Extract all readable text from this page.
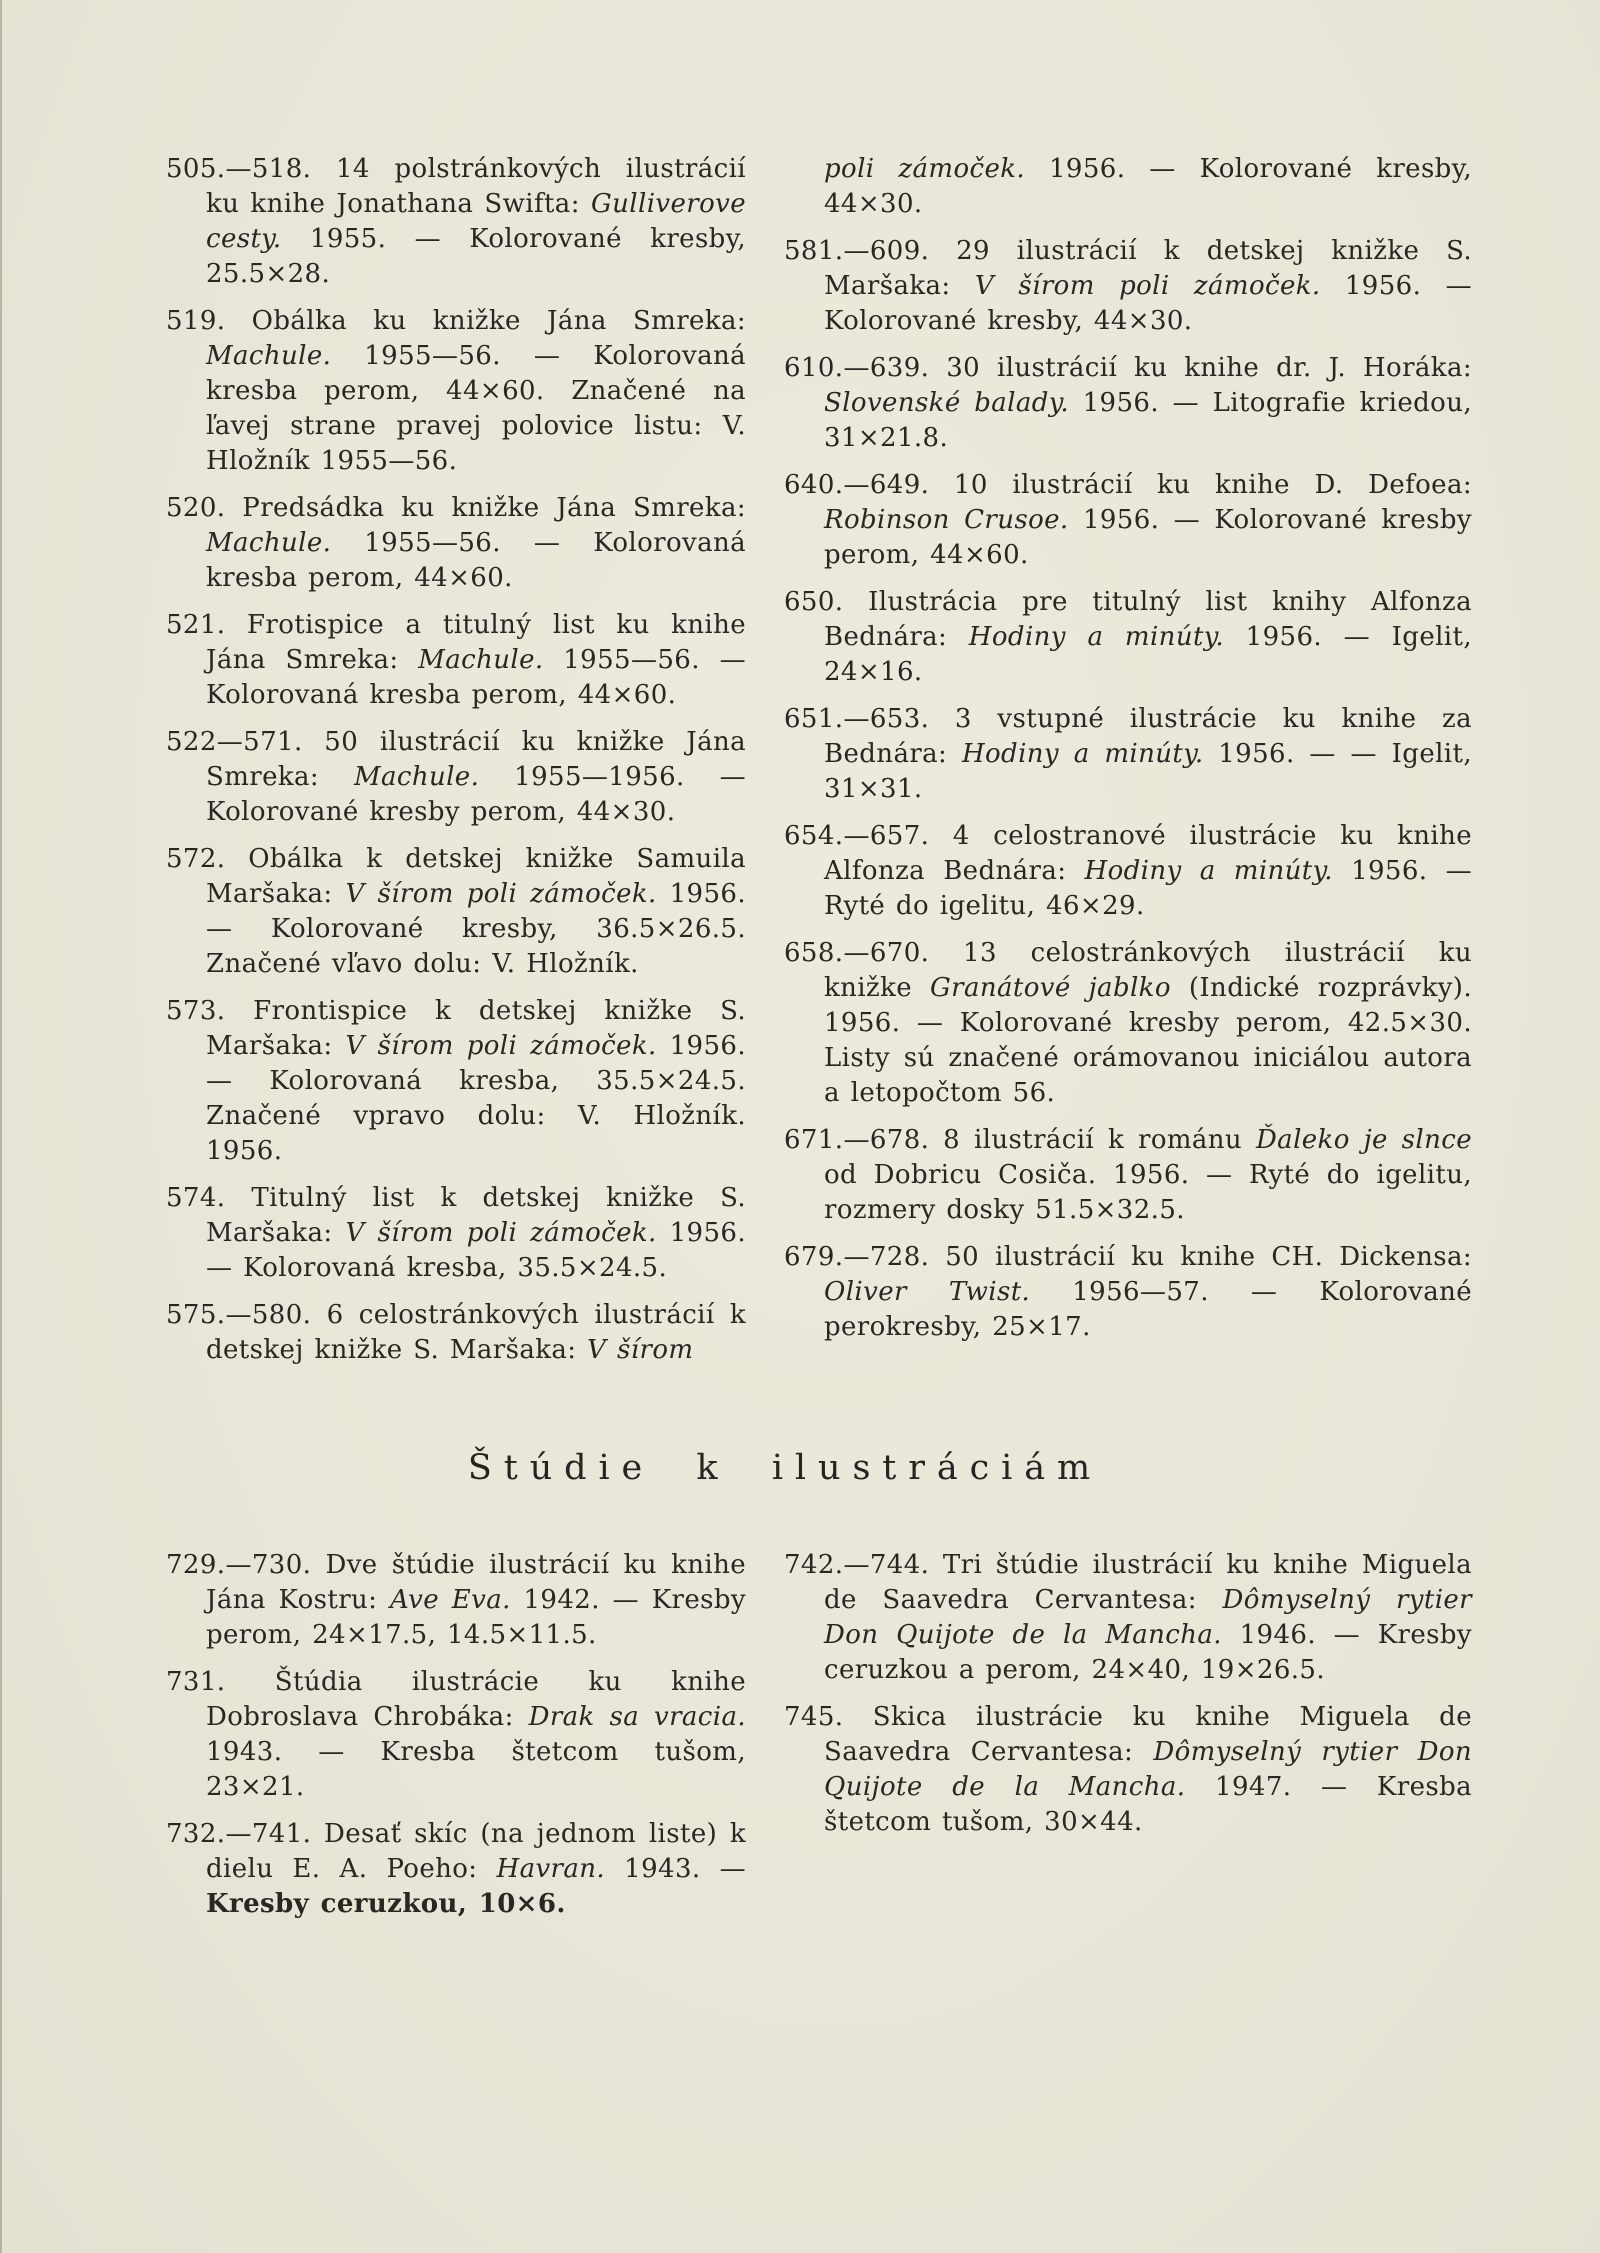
505.—518. 14 polstránkových ilustrácií ku knihe Jonathana Swifta: Gulliverove cesty. 1955. — Kolorované kresby, 25.5×28.

519. Obálka ku knižke Jána Smreka: Machule. 1955—56. — Kolorovaná kresba perom, 44×60. Značené na ľavej strane pravej polovice listu: V. Hložník 1955—56.

520. Predsádka ku knižke Jána Smreka: Machule. 1955—56. — Kolorovaná kresba perom, 44×60.

521. Frotispice a titulný list ku knihe Jána Smreka: Machule. 1955—56. — Kolorovaná kresba perom, 44×60.

522—571. 50 ilustrácií ku knižke Jána Smreka: Machule. 1955—1956. — Kolorované kresby perom, 44×30.

572. Obálka k detskej knižke Samuila Maršaka: V šírom poli zámoček. 1956. — Kolorované kresby, 36.5×26.5. Značené vľavo dolu: V. Hložník.

573. Frontispice k detskej knižke S. Maršaka: V šírom poli zámoček. 1956. — Kolorovaná kresba, 35.5×24.5. Značené vpravo dolu: V. Hložník. 1956.

574. Titulný list k detskej knižke S. Maršaka: V šírom poli zámoček. 1956. — Kolorovaná kresba, 35.5×24.5.

575.—580. 6 celostránkových ilustrácií k detskej knižke S. Maršaka: V šírom

poli zámoček. 1956. — Kolorované kresby, 44×30.

581.—609. 29 ilustrácií k detskej knižke S. Maršaka: V šírom poli zámoček. 1956. — Kolorované kresby, 44×30.

610.—639. 30 ilustrácií ku knihe dr. J. Horáka: Slovenské balady. 1956. — Litografie kriedou, 31×21.8.

640.—649. 10 ilustrácií ku knihe D. Defoea: Robinson Crusoe. 1956. — Kolorované kresby perom, 44×60.

650. Ilustrácia pre titulný list knihy Alfonza Bednára: Hodiny a minúty. 1956. — Igelit, 24×16.

651.—653. 3 vstupné ilustrácie ku knihe za Bednára: Hodiny a minúty. 1956. — — Igelit, 31×31.

654.—657. 4 celostranové ilustrácie ku knihe Alfonza Bednára: Hodiny a minúty. 1956. — Ryté do igelitu, 46×29.

658.—670. 13 celostránkových ilustrácií ku knižke Granátové jablko (Indické rozprávky). 1956. — Kolorované kresby perom, 42.5×30. Listy sú značené orámovanou iniciálou autora a letopočtom 56.

671.—678. 8 ilustrácií k románu Ďaleko je slnce od Dobricu Cosiča. 1956. — Ryté do igelitu, rozmery dosky 51.5×32.5.

679.—728. 50 ilustrácií ku knihe CH. Dickensa: Oliver Twist. 1956—57. — Kolorované perokresby, 25×17.

Štúdie k ilustráciám

729.—730. Dve štúdie ilustrácií ku knihe Jána Kostru: Ave Eva. 1942. — Kresby perom, 24×17.5, 14.5×11.5.

731. Štúdia ilustrácie ku knihe Dobroslava Chrobáka: Drak sa vracia. 1943. — Kresba štetcom tušom, 23×21.

732.—741. Desať skíc (na jednom liste) k dielu E. A. Poeho: Havran. 1943. — Kresby ceruzkou, 10×6.

742.—744. Tri štúdie ilustrácií ku knihe Miguela de Saavedra Cervantesa: Dômyselný rytier Don Quijote de la Mancha. 1946. — Kresby ceruzkou a perom, 24×40, 19×26.5.

745. Skica ilustrácie ku knihe Miguela de Saavedra Cervantesa: Dômyselný rytier Don Quijote de la Mancha. 1947. — Kresba štetcom tušom, 30×44.
